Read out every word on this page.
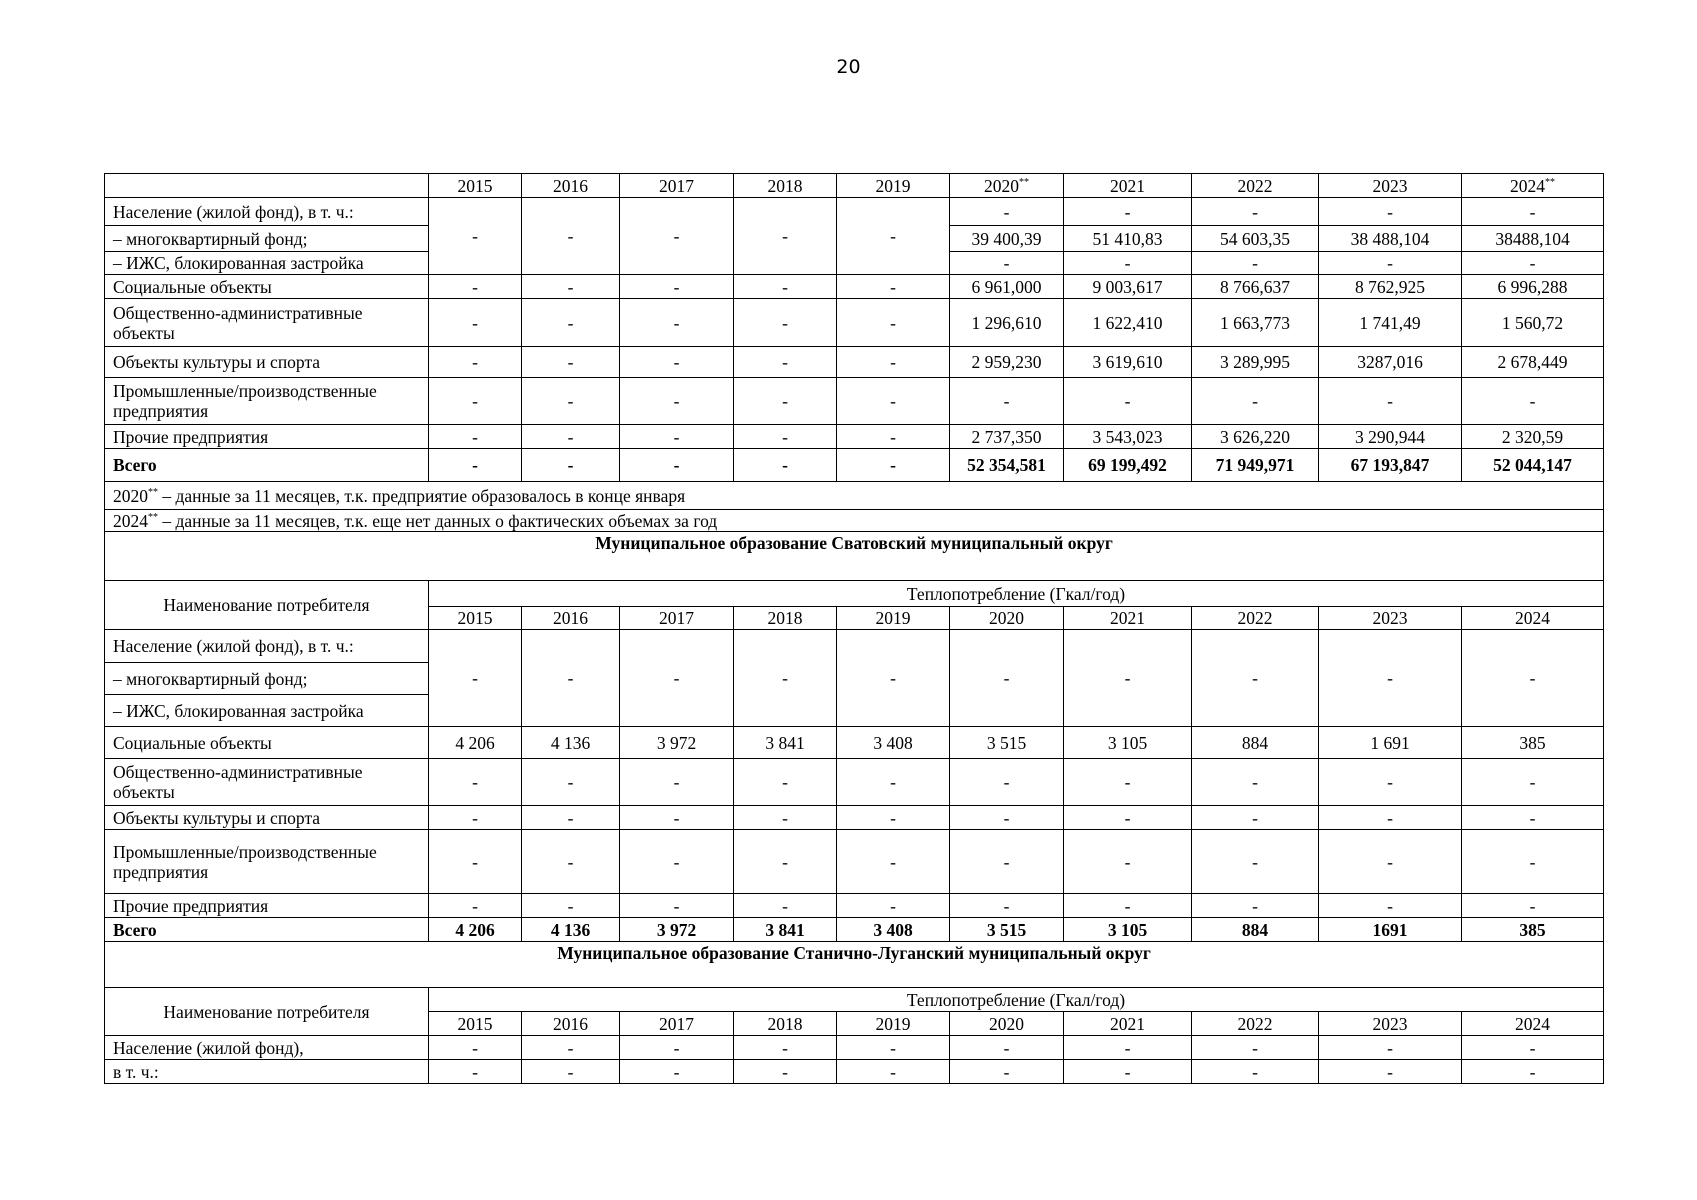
20
	2015	2016	2017	2018	2019	2020**	2021	2022	2023	2024**
Население (жилой фонд), в т. ч.:	-	-	-	-	-	-	-	-	-	-
– многоквартирный фонд;						39 400,39	51 410,83	54 603,35	38 488,104	38488,104
– ИЖС, блокированная застройка						-	-	-	-	-
Социальные объекты	-	-	-	-	-	6 961,000	9 003,617	8 766,637	8 762,925	6 996,288
Общественно-административные объекты	-	-	-	-	-	1 296,610	1 622,410	1 663,773	1 741,49	1 560,72
Объекты культуры и спорта	-	-	-	-	-	2 959,230	3 619,610	3 289,995	3287,016	2 678,449
Промышленные/производственные предприятия	-	-	-	-	-	-	-	-	-	-
Прочие предприятия	-	-	-	-	-	2 737,350	3 543,023	3 626,220	3 290,944	2 320,59
Всего	-	-	-	-	-	52 354,581	69 199,492	71 949,971	67 193,847	52 044,147
2020** – данные за 11 месяцев, т.к. предприятие образовалось в конце января										
2024** – данные за 11 месяцев, т.к. еще нет данных о фактических объемах за год										
Муниципальное образование Сватовский муниципальный округ										
Наименование потребителя	Теплопотребление (Гкал/год)									
	2015	2016	2017	2018	2019	2020	2021	2022	2023	2024
Население (жилой фонд), в т. ч.:	-	-	-	-	-	-	-	-	-	-
– многоквартирный фонд;										
– ИЖС, блокированная застройка										
Социальные объекты	4 206	4 136	3 972	3 841	3 408	3 515	3 105	884	1 691	385
Общественно-административные объекты	-	-	-	-	-	-	-	-	-	-
Объекты культуры и спорта	-	-	-	-	-	-	-	-	-	-
Промышленные/производственные предприятия	-	-	-	-	-	-	-	-	-	-
Прочие предприятия	-	-	-	-	-	-	-	-	-	-
Всего	4 206	4 136	3 972	3 841	3 408	3 515	3 105	884	1691	385
Муниципальное образование Станично-Луганский муниципальный округ										
Наименование потребителя	Теплопотребление (Гкал/год)									
	2015	2016	2017	2018	2019	2020	2021	2022	2023	2024
Население (жилой фонд),	-	-	-	-	-	-	-	-	-	-
в т. ч.:	-	-	-	-	-	-	-	-	-	-
